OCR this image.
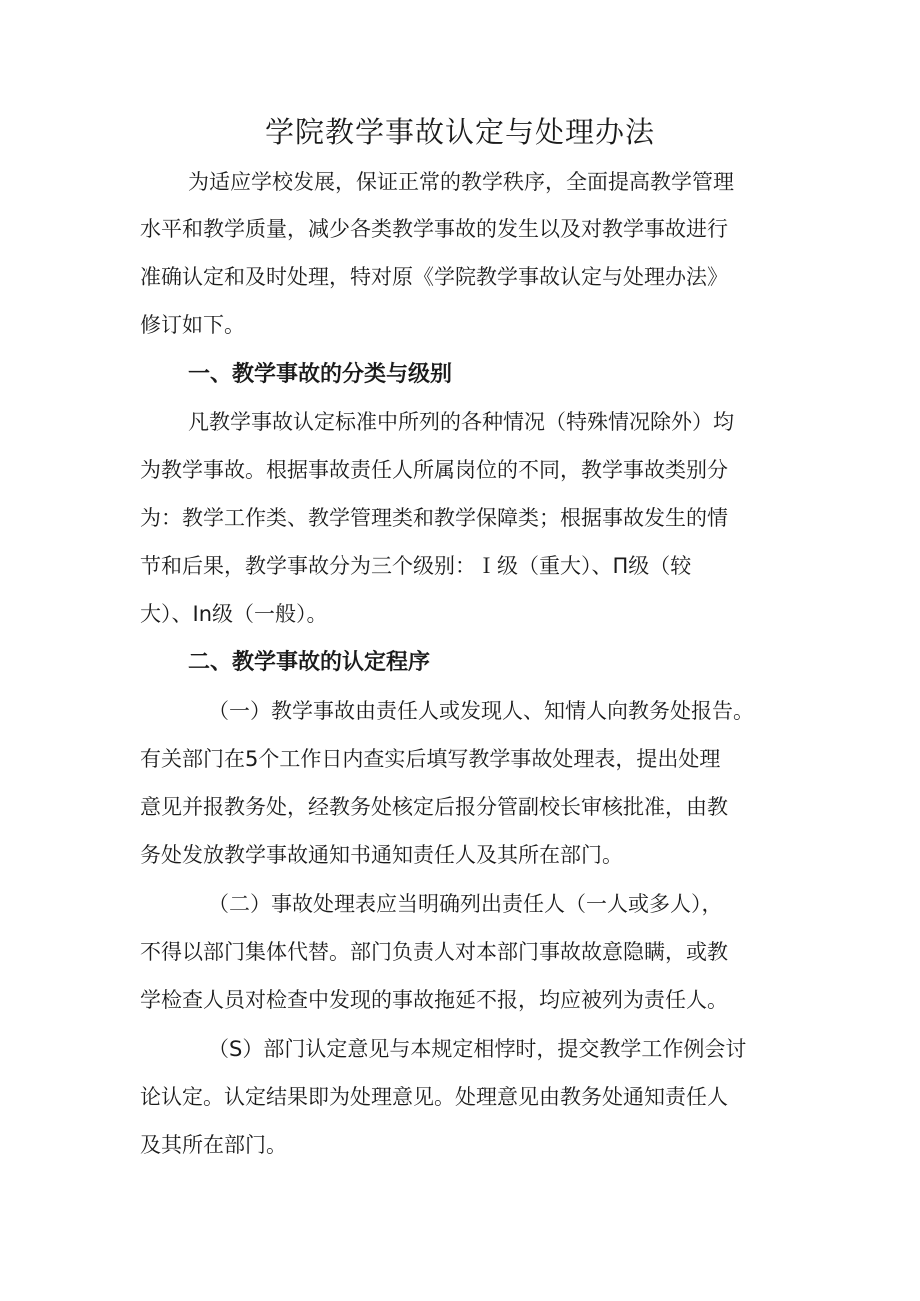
学院教学事故认定与处理办法

为适应学校发展，保证正常的教学秩序，全面提高教学管理

水平和教学质量，减少各类教学事故的发生以及对教学事故进行

准确认定和及时处理，特对原《学院教学事故认定与处理办法》

修订如下。

一、教学事故的分类与级别

凡教学事故认定标准中所列的各种情况（特殊情况除外）均

为教学事故。根据事故责任人所属岗位的不同，教学事故类别分

为：教学工作类、教学管理类和教学保障类；根据事故发生的情

节和后果，教学事故分为三个级别：Ｉ级（重大）、Π级（较

大）、In级（一般）。

二、教学事故的认定程序

（一）教学事故由责任人或发现人、知情人向教务处报告。

有关部门在5个工作日内查实后填写教学事故处理表，提出处理

意见并报教务处，经教务处核定后报分管副校长审核批准，由教

务处发放教学事故通知书通知责任人及其所在部门。

（二）事故处理表应当明确列出责任人（一人或多人），

不得以部门集体代替。部门负责人对本部门事故故意隐瞒，或教

学检查人员对检查中发现的事故拖延不报，均应被列为责任人。

（S）部门认定意见与本规定相悖时，提交教学工作例会讨

论认定。认定结果即为处理意见。处理意见由教务处通知责任人

及其所在部门。
